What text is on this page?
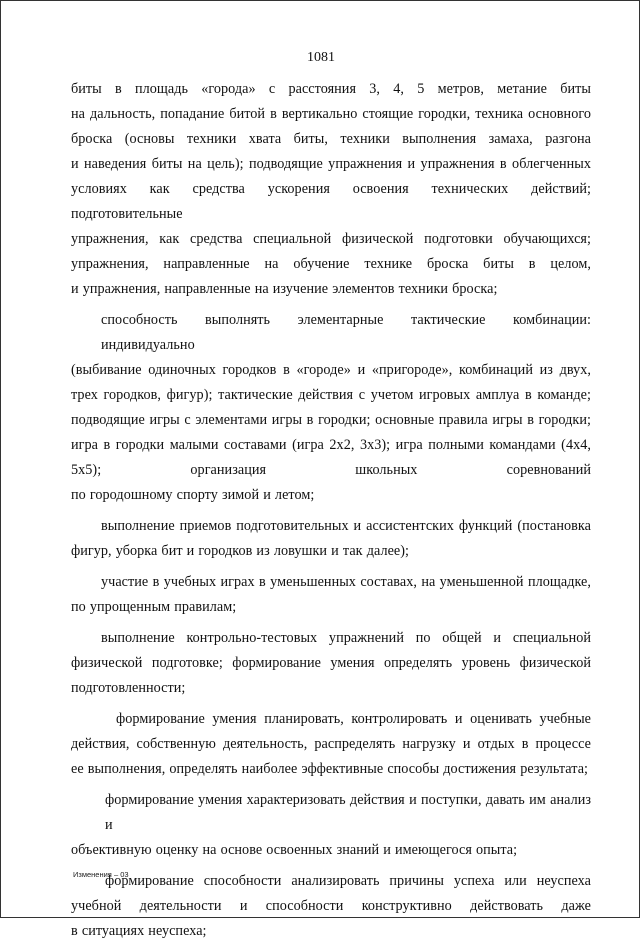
1081

биты в площадь «города» с расстояния 3, 4, 5 метров, метание биты
на дальность, попадание битой в вертикально стоящие городки, техника основного
броска (основы техники хвата биты, техники выполнения замаха, разгона
и наведения биты на цель); подводящие упражнения и упражнения в облегченных
условиях как средства ускорения освоения технических действий; подготовительные
упражнения, как средства специальной физической подготовки обучающихся;
упражнения, направленные на обучение технике броска биты в целом,
и упражнения, направленные на изучение элементов техники броска;

способность выполнять элементарные тактические комбинации: индивидуально
(выбивание одиночных городков в «городе» и «пригороде», комбинаций из двух,
трех городков, фигур); тактические действия с учетом игровых амплуа в команде;
подводящие игры с элементами игры в городки; основные правила игры в городки;
игра в городки малыми составами (игра 2х2, 3х3); игра полными командами (4х4,
5х5); организация школьных соревнований
по городошному спорту зимой и летом;

выполнение приемов подготовительных и ассистентских функций (постановка
фигур, уборка бит и городков из ловушки и так далее);

участие в учебных играх в уменьшенных составах, на уменьшенной площадке,
по упрощенным правилам;

выполнение контрольно-тестовых упражнений по общей и специальной
физической подготовке; формирование умения определять уровень физической
подготовленности;

формирование умения планировать, контролировать и оценивать учебные
действия, собственную деятельность, распределять нагрузку и отдых в процессе
ее выполнения, определять наиболее эффективные способы достижения результата;

формирование умения характеризовать действия и поступки, давать им анализ и
объективную оценку на основе освоенных знаний и имеющегося опыта;

формирование способности анализировать причины успеха или неуспеха
учебной деятельности и способности конструктивно действовать даже
в ситуациях неуспеха;

Изменения – 03
